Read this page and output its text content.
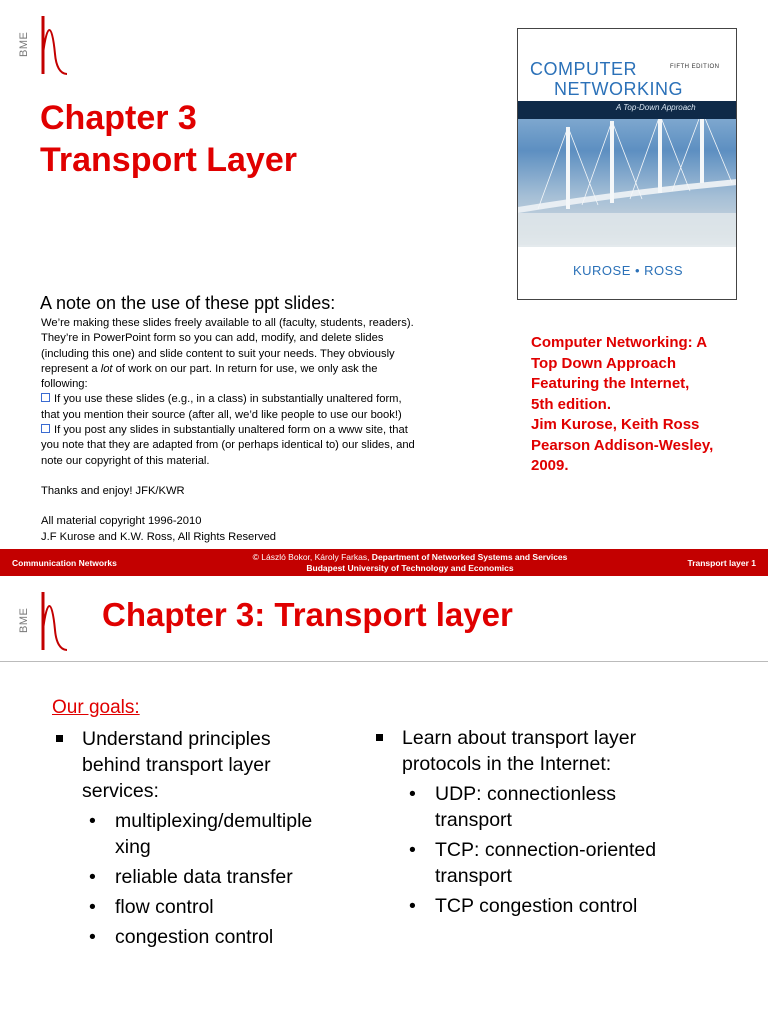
BME
Chapter 3
Transport Layer
COMPUTER	FIFTH EDITION
NETWORKING
A Top-Down Approach
KUROSE • ROSS
A note on the use of these ppt slides:
We’re making these slides freely available to all (faculty, students, readers).
They’re in PowerPoint form so you can add, modify, and delete slides
(including this one) and slide content to suit your needs. They obviously
represent a lot of work on our part. In return for use, we only ask the
following:
If you use these slides (e.g., in a class) in substantially unaltered form,
that you mention their source (after all, we’d like people to use our book!)
If you post any slides in substantially unaltered form on a www site, that
you note that they are adapted from (or perhaps identical to) our slides, and
note our copyright of this material.
Thanks and enjoy! JFK/KWR
All material copyright 1996-2010
J.F Kurose and K.W. Ross, All Rights Reserved
Computer Networking: A
Top Down Approach
Featuring the Internet,
5th edition.
Jim Kurose, Keith Ross
Pearson Addison-Wesley,
2009.
Communication Networks
© László Bokor, Károly Farkas, Department of Networked Systems and Services
Budapest University of Technology and Economics	Transport layer 1
BME Chapter 3: Transport layer
Our goals:
Understand principles
behind transport layer
services:
• multiplexing/demultiple
xing
• reliable data transfer
• flow control
• congestion control
Learn about transport layer
protocols in the Internet:
• UDP: connectionless
transport
• TCP: connection-oriented
transport
• TCP congestion control
